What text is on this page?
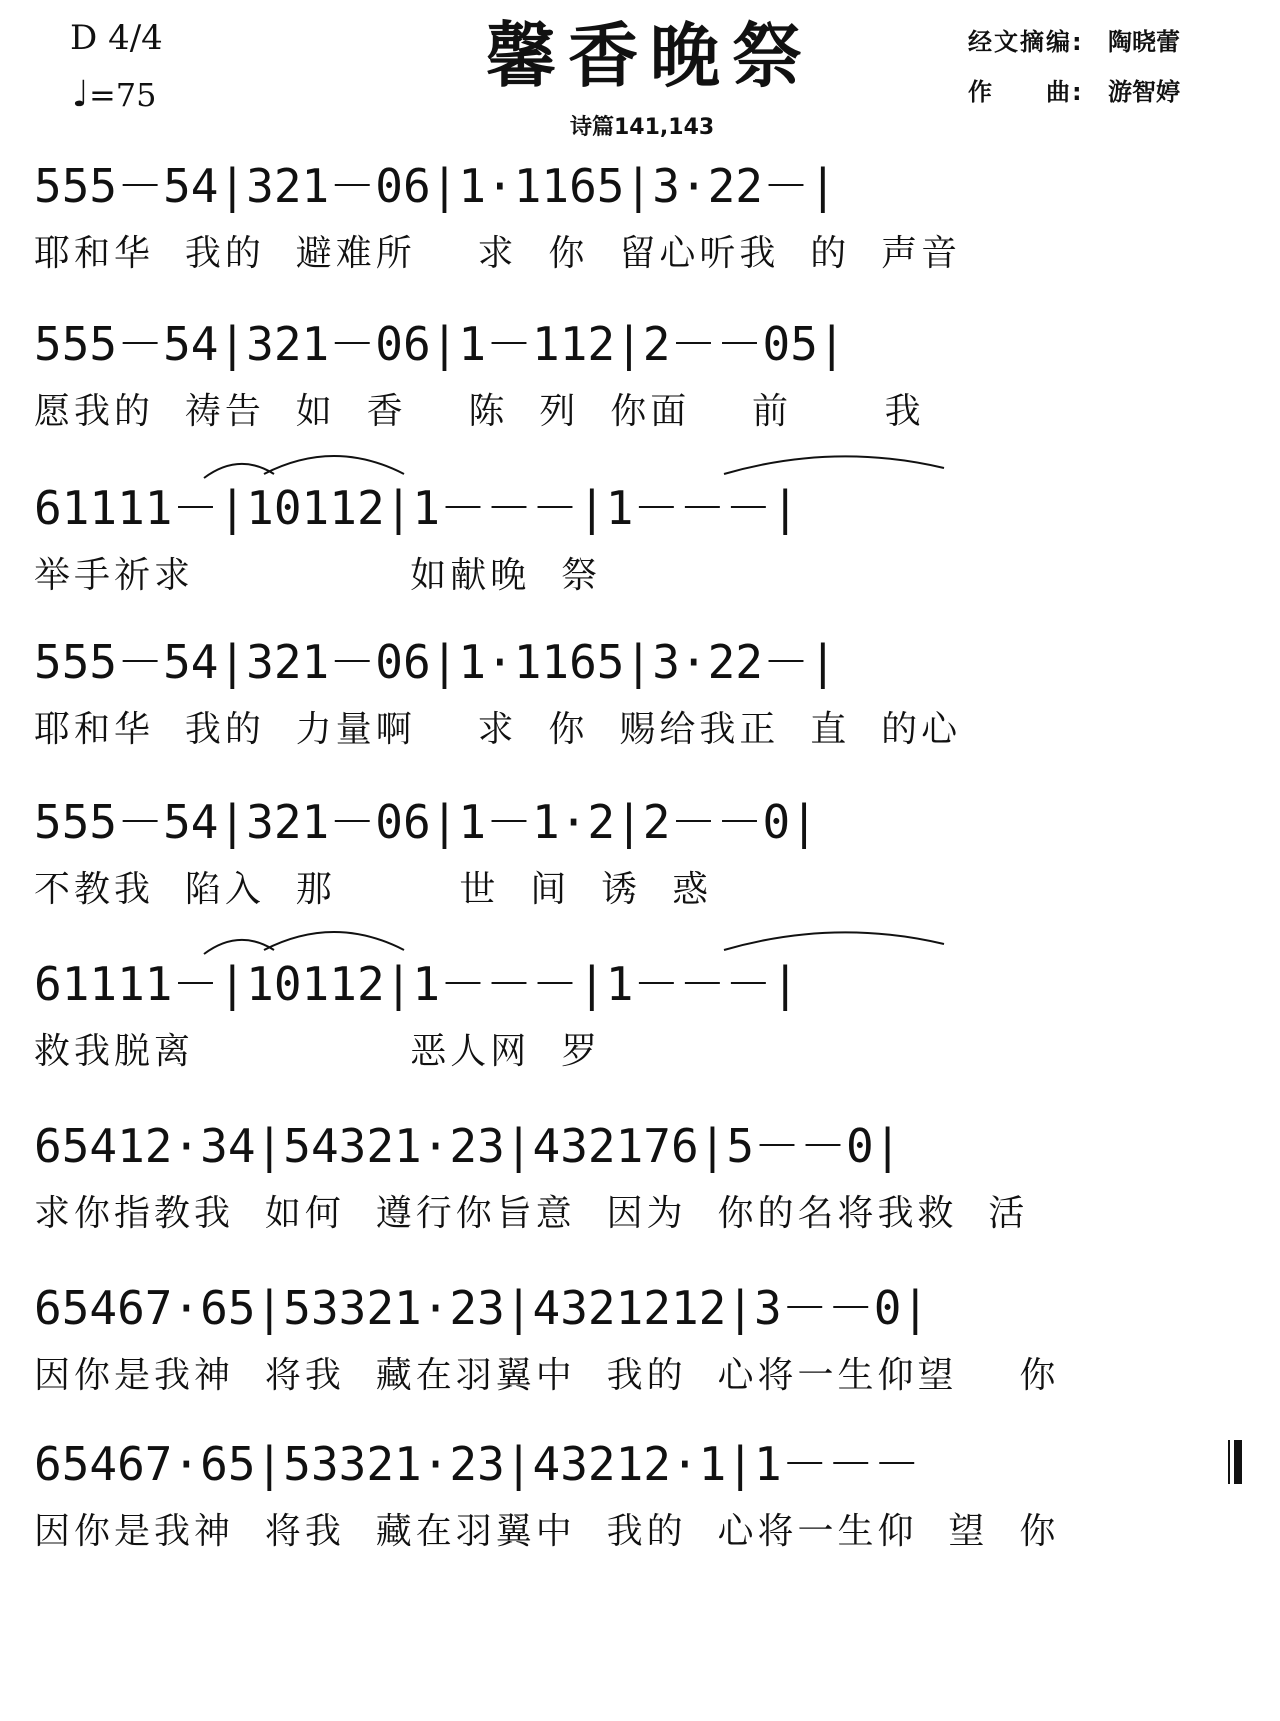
D 4/4
♩=75	馨香晚祭
诗篇141,143
经文摘编: 陶晓蕾
作　　曲: 游智婷
555－54|321－06|1·1165|3·22－|
耶和华  我的  避难所    求  你  留心听我  的  声音
555－54|321－06|1－112|2－－05|
愿我的  祷告  如  香    陈  列  你面    前      我
61111－|10112|1－－－|1－－－|
举手祈求              如献晚  祭
555－54|321－06|1·1165|3·22－|
耶和华  我的  力量啊    求  你  赐给我正  直  的心
555－54|321－06|1－1·2|2－－0|
不教我  陷入  那        世  间  诱  惑
61111－|10112|1－－－|1－－－|
救我脱离              恶人网  罗
65412·34|54321·23|432176|5－－0|
求你指教我  如何  遵行你旨意  因为  你的名将我救  活
65467·65|53321·23|4321212|3－－0|
因你是我神  将我  藏在羽翼中  我的  心将一生仰望    你
65467·65|53321·23|43212·1|1－－－
因你是我神  将我  藏在羽翼中  我的  心将一生仰  望  你
